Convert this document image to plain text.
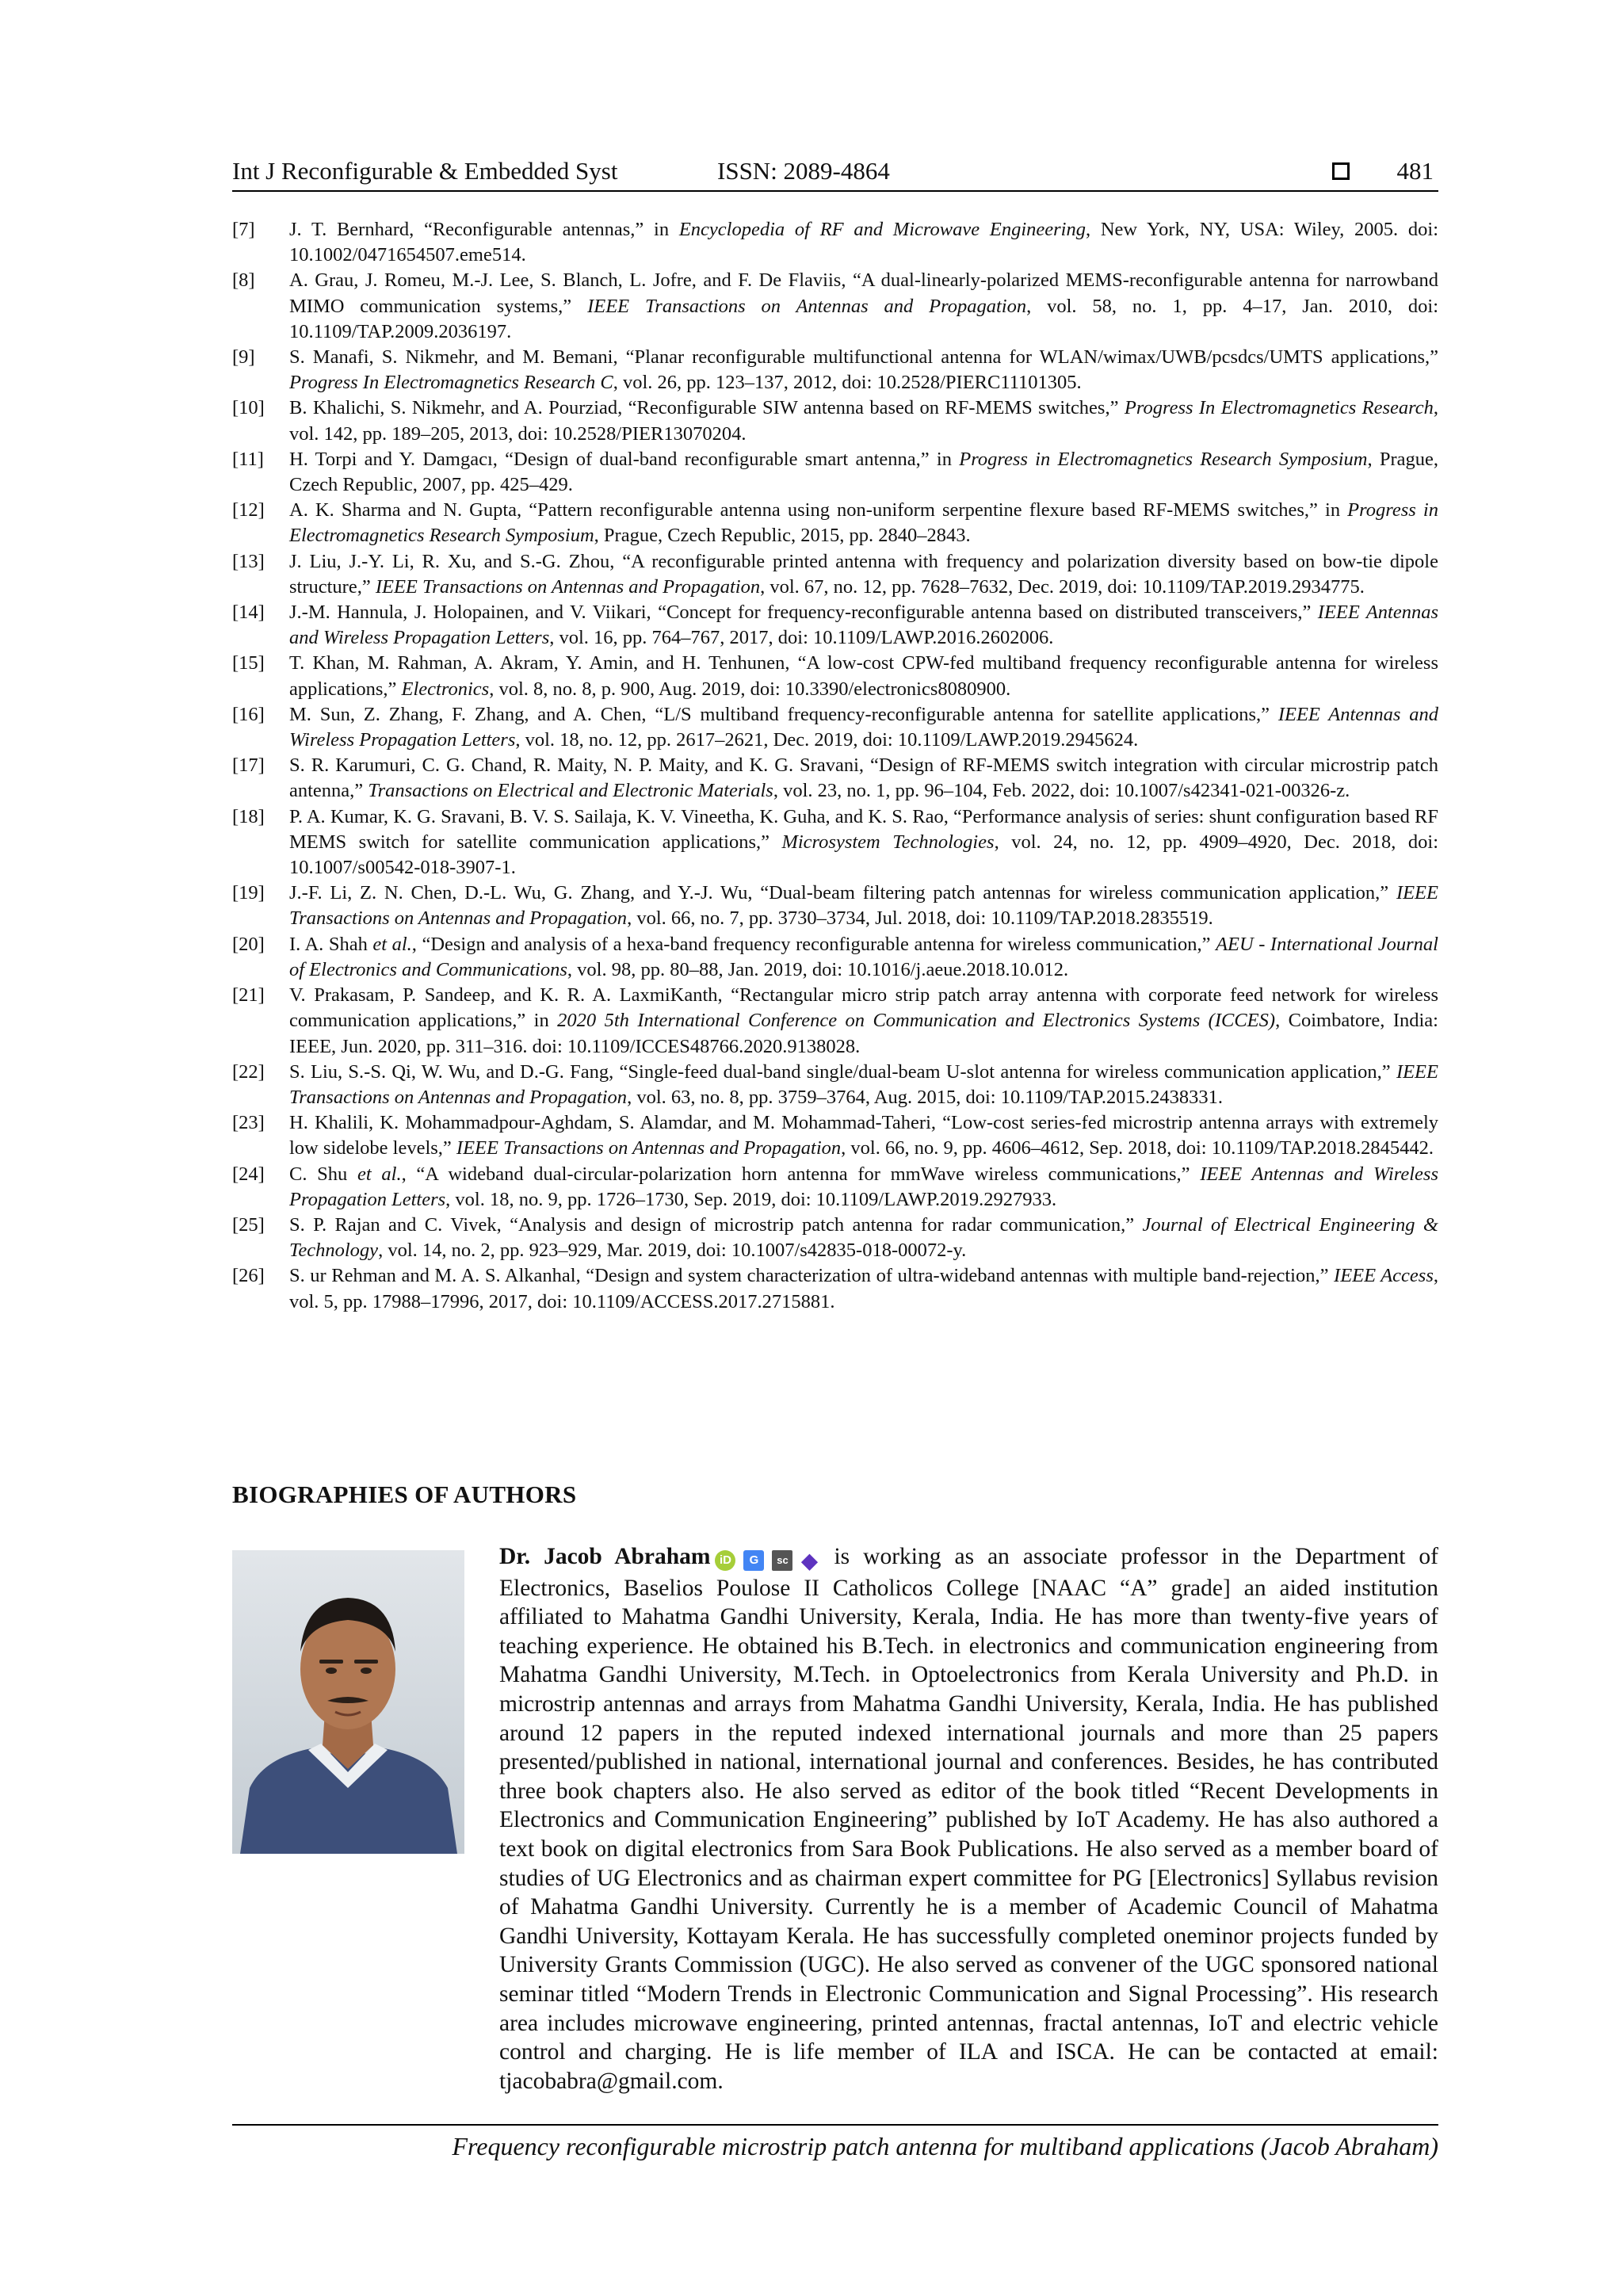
Int J Reconfigurable & Embedded Syst	ISSN: 2089-4864	481
[7]	J. T. Bernhard, “Reconfigurable antennas,” in Encyclopedia of RF and Microwave Engineering, New York, NY, USA: Wiley, 2005. doi: 10.1002/0471654507.eme514.
[8]	A. Grau, J. Romeu, M.-J. Lee, S. Blanch, L. Jofre, and F. De Flaviis, “A dual-linearly-polarized MEMS-reconfigurable antenna for narrowband MIMO communication systems,” IEEE Transactions on Antennas and Propagation, vol. 58, no. 1, pp. 4–17, Jan. 2010, doi: 10.1109/TAP.2009.2036197.
[9]	S. Manafi, S. Nikmehr, and M. Bemani, “Planar reconfigurable multifunctional antenna for WLAN/wimax/UWB/pcsdcs/UMTS applications,” Progress In Electromagnetics Research C, vol. 26, pp. 123–137, 2012, doi: 10.2528/PIERC11101305.
[10]	B. Khalichi, S. Nikmehr, and A. Pourziad, “Reconfigurable SIW antenna based on RF-MEMS switches,” Progress In Electromagnetics Research, vol. 142, pp. 189–205, 2013, doi: 10.2528/PIER13070204.
[11]	H. Torpi and Y. Damgacı, “Design of dual-band reconfigurable smart antenna,” in Progress in Electromagnetics Research Symposium, Prague, Czech Republic, 2007, pp. 425–429.
[12]	A. K. Sharma and N. Gupta, “Pattern reconfigurable antenna using non-uniform serpentine flexure based RF-MEMS switches,” in Progress in Electromagnetics Research Symposium, Prague, Czech Republic, 2015, pp. 2840–2843.
[13]	J. Liu, J.-Y. Li, R. Xu, and S.-G. Zhou, “A reconfigurable printed antenna with frequency and polarization diversity based on bow-tie dipole structure,” IEEE Transactions on Antennas and Propagation, vol. 67, no. 12, pp. 7628–7632, Dec. 2019, doi: 10.1109/TAP.2019.2934775.
[14]	J.-M. Hannula, J. Holopainen, and V. Viikari, “Concept for frequency-reconfigurable antenna based on distributed transceivers,” IEEE Antennas and Wireless Propagation Letters, vol. 16, pp. 764–767, 2017, doi: 10.1109/LAWP.2016.2602006.
[15]	T. Khan, M. Rahman, A. Akram, Y. Amin, and H. Tenhunen, “A low-cost CPW-fed multiband frequency reconfigurable antenna for wireless applications,” Electronics, vol. 8, no. 8, p. 900, Aug. 2019, doi: 10.3390/electronics8080900.
[16]	M. Sun, Z. Zhang, F. Zhang, and A. Chen, “L/S multiband frequency-reconfigurable antenna for satellite applications,” IEEE Antennas and Wireless Propagation Letters, vol. 18, no. 12, pp. 2617–2621, Dec. 2019, doi: 10.1109/LAWP.2019.2945624.
[17]	S. R. Karumuri, C. G. Chand, R. Maity, N. P. Maity, and K. G. Sravani, “Design of RF-MEMS switch integration with circular microstrip patch antenna,” Transactions on Electrical and Electronic Materials, vol. 23, no. 1, pp. 96–104, Feb. 2022, doi: 10.1007/s42341-021-00326-z.
[18]	P. A. Kumar, K. G. Sravani, B. V. S. Sailaja, K. V. Vineetha, K. Guha, and K. S. Rao, “Performance analysis of series: shunt configuration based RF MEMS switch for satellite communication applications,” Microsystem Technologies, vol. 24, no. 12, pp. 4909–4920, Dec. 2018, doi: 10.1007/s00542-018-3907-1.
[19]	J.-F. Li, Z. N. Chen, D.-L. Wu, G. Zhang, and Y.-J. Wu, “Dual-beam filtering patch antennas for wireless communication application,” IEEE Transactions on Antennas and Propagation, vol. 66, no. 7, pp. 3730–3734, Jul. 2018, doi: 10.1109/TAP.2018.2835519.
[20]	I. A. Shah et al., “Design and analysis of a hexa-band frequency reconfigurable antenna for wireless communication,” AEU - International Journal of Electronics and Communications, vol. 98, pp. 80–88, Jan. 2019, doi: 10.1016/j.aeue.2018.10.012.
[21]	V. Prakasam, P. Sandeep, and K. R. A. LaxmiKanth, “Rectangular micro strip patch array antenna with corporate feed network for wireless communication applications,” in 2020 5th International Conference on Communication and Electronics Systems (ICCES), Coimbatore, India: IEEE, Jun. 2020, pp. 311–316. doi: 10.1109/ICCES48766.2020.9138028.
[22]	S. Liu, S.-S. Qi, W. Wu, and D.-G. Fang, “Single-feed dual-band single/dual-beam U-slot antenna for wireless communication application,” IEEE Transactions on Antennas and Propagation, vol. 63, no. 8, pp. 3759–3764, Aug. 2015, doi: 10.1109/TAP.2015.2438331.
[23]	H. Khalili, K. Mohammadpour-Aghdam, S. Alamdar, and M. Mohammad-Taheri, “Low-cost series-fed microstrip antenna arrays with extremely low sidelobe levels,” IEEE Transactions on Antennas and Propagation, vol. 66, no. 9, pp. 4606–4612, Sep. 2018, doi: 10.1109/TAP.2018.2845442.
[24]	C. Shu et al., “A wideband dual-circular-polarization horn antenna for mmWave wireless communications,” IEEE Antennas and Wireless Propagation Letters, vol. 18, no. 9, pp. 1726–1730, Sep. 2019, doi: 10.1109/LAWP.2019.2927933.
[25]	S. P. Rajan and C. Vivek, “Analysis and design of microstrip patch antenna for radar communication,” Journal of Electrical Engineering & Technology, vol. 14, no. 2, pp. 923–929, Mar. 2019, doi: 10.1007/s42835-018-00072-y.
[26]	S. ur Rehman and M. A. S. Alkanhal, “Design and system characterization of ultra-wideband antennas with multiple band-rejection,” IEEE Access, vol. 5, pp. 17988–17996, 2017, doi: 10.1109/ACCESS.2017.2715881.
BIOGRAPHIES OF AUTHORS
Dr. Jacob Abraham iD G sc ◆ is working as an associate professor in the Department of Electronics, Baselios Poulose II Catholicos College [NAAC “A” grade] an aided institution affiliated to Mahatma Gandhi University, Kerala, India. He has more than twenty-five years of teaching experience. He obtained his B.Tech. in electronics and communication engineering from Mahatma Gandhi University, M.Tech. in Optoelectronics from Kerala University and Ph.D. in microstrip antennas and arrays from Mahatma Gandhi University, Kerala, India. He has published around 12 papers in the reputed indexed international journals and more than 25 papers presented/published in national, international journal and conferences. Besides, he has contributed three book chapters also. He also served as editor of the book titled “Recent Developments in Electronics and Communication Engineering” published by IoT Academy. He has also authored a text book on digital electronics from Sara Book Publications. He also served as a member board of studies of UG Electronics and as chairman expert committee for PG [Electronics] Syllabus revision of Mahatma Gandhi University. Currently he is a member of Academic Council of Mahatma Gandhi University, Kottayam Kerala. He has successfully completed oneminor projects funded by University Grants Commission (UGC). He also served as convener of the UGC sponsored national seminar titled “Modern Trends in Electronic Communication and Signal Processing”. His research area includes microwave engineering, printed antennas, fractal antennas, IoT and electric vehicle control and charging. He is life member of ILA and ISCA. He can be contacted at email: tjacobabra@gmail.com.
Frequency reconfigurable microstrip patch antenna for multiband applications (Jacob Abraham)
